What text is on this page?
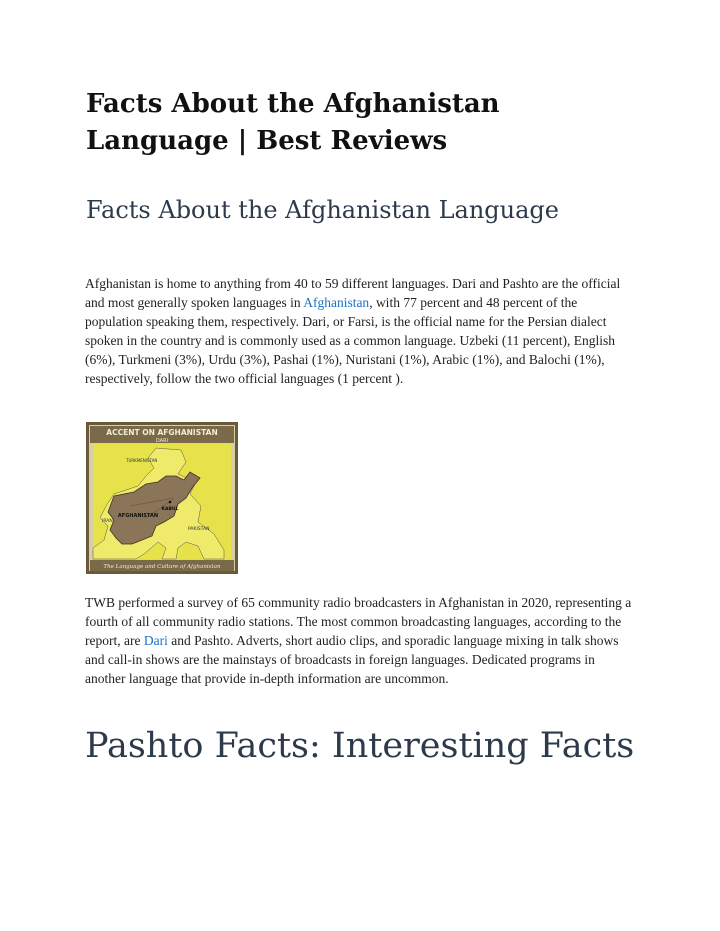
Facts About the Afghanistan Language | Best Reviews
Facts About the Afghanistan Language

Afghanistan is home to anything from 40 to 59 different languages. Dari and Pashto are the official and most generally spoken languages in Afghanistan, with 77 percent and 48 percent of the population speaking them, respectively. Dari, or Farsi, is the official name for the Persian dialect spoken in the country and is commonly used as a common language. Uzbeki (11 percent), English (6%), Turkmeni (3%), Urdu (3%), Pashai (1%), Nuristani (1%), Arabic (1%), and Balochi (1%), respectively, follow the two official languages (1 percent ).

ACCENT ON AFGHANISTAN
DARI
KABUL
AFGHANISTAN
IRAN
PAKISTAN
TURKMENISTAN
The Language and Culture of Afghanistan

TWB performed a survey of 65 community radio broadcasters in Afghanistan in 2020, representing a fourth of all community radio stations. The most common broadcasting languages, according to the report, are Dari and Pashto. Adverts, short audio clips, and sporadic language mixing in talk shows and call-in shows are the mainstays of broadcasts in foreign languages. Dedicated programs in another language that provide in-depth information are uncommon.

Pashto Facts: Interesting Facts
